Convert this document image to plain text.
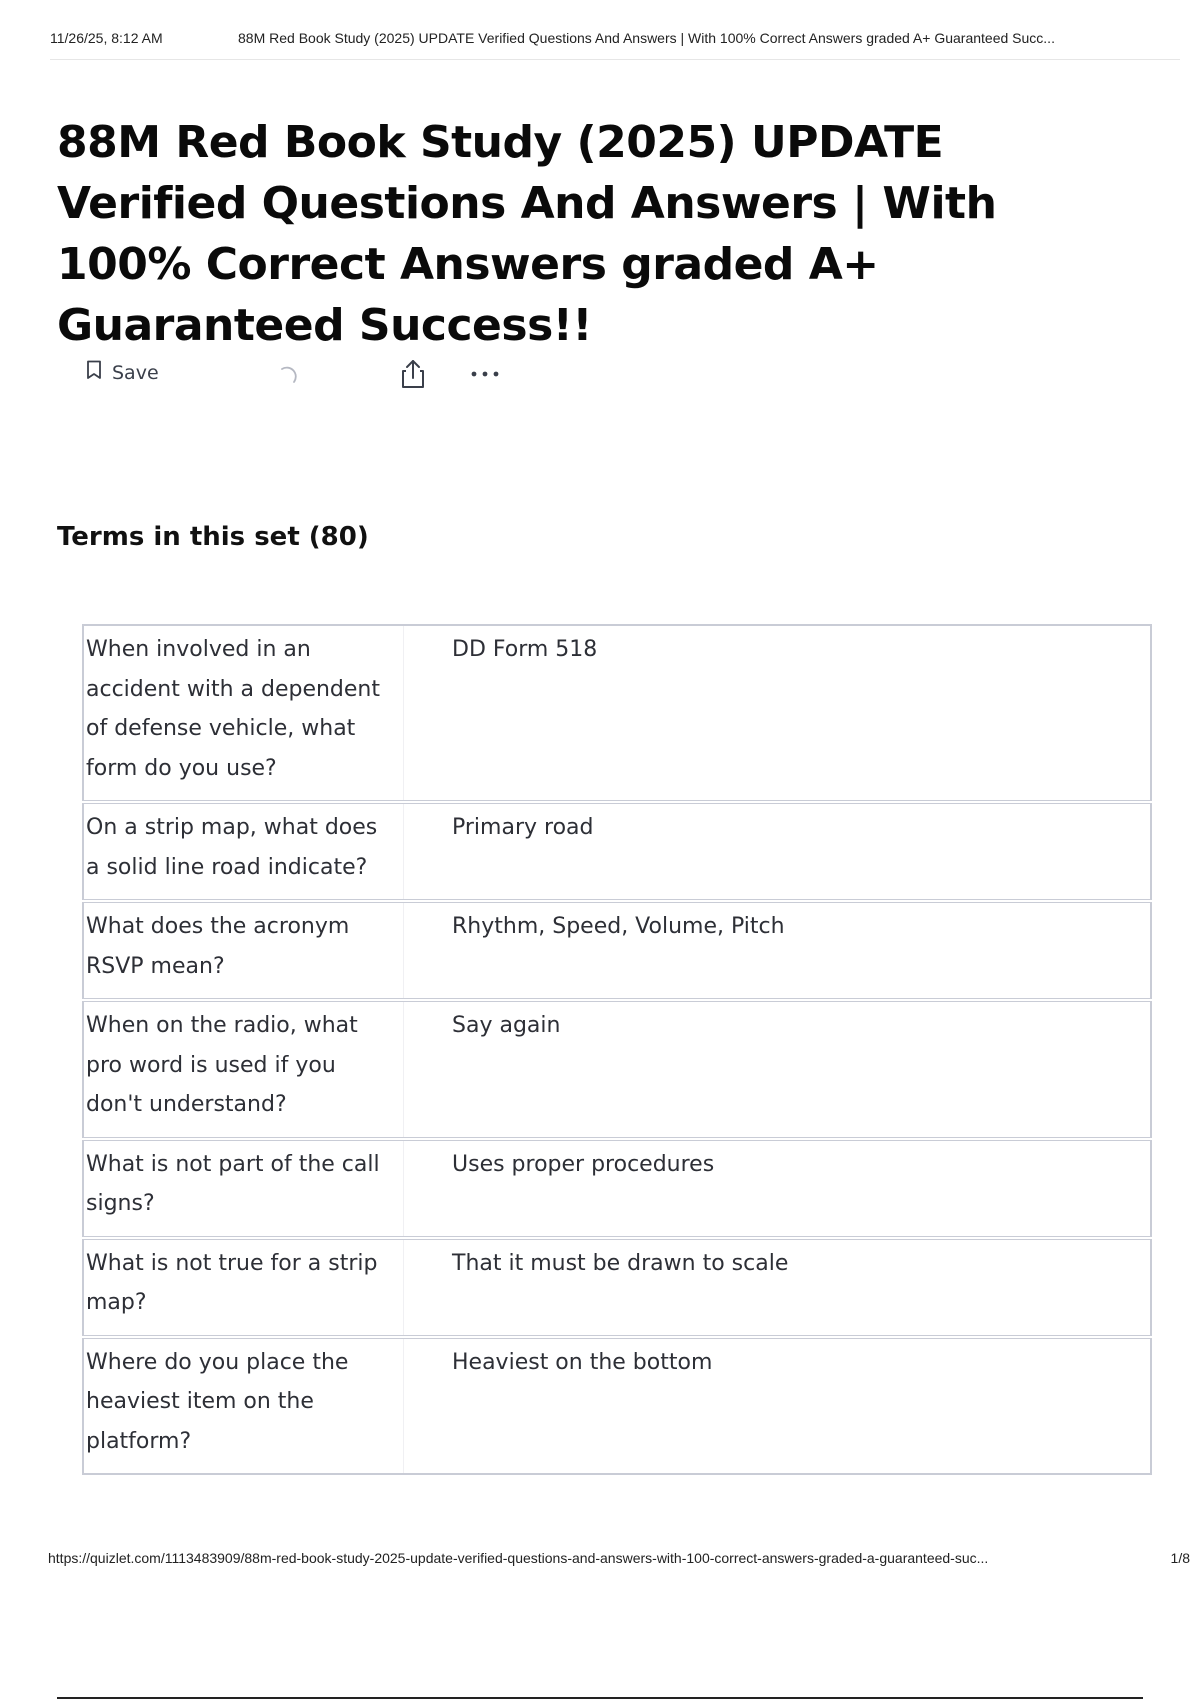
11/26/25, 8:12 AM	88M Red Book Study (2025) UPDATE Verified Questions And Answers | With 100% Correct Answers graded A+ Guaranteed Succ...
88M Red Book Study (2025) UPDATE Verified Questions And Answers | With 100% Correct Answers graded A+ Guaranteed Success!!
Save
Terms in this set (80)
When involved in an accident with a dependent of defense vehicle, what form do you use?
DD Form 518
On a strip map, what does a solid line road indicate?
Primary road
What does the acronym RSVP mean?
Rhythm, Speed, Volume, Pitch
When on the radio, what pro word is used if you don't understand?
Say again
What is not part of the call signs?
Uses proper procedures
What is not true for a strip map?
That it must be drawn to scale
Where do you place the heaviest item on the platform?
Heaviest on the bottom
https://quizlet.com/1113483909/88m-red-book-study-2025-update-verified-questions-and-answers-with-100-correct-answers-graded-a-guaranteed-suc...	1/8
